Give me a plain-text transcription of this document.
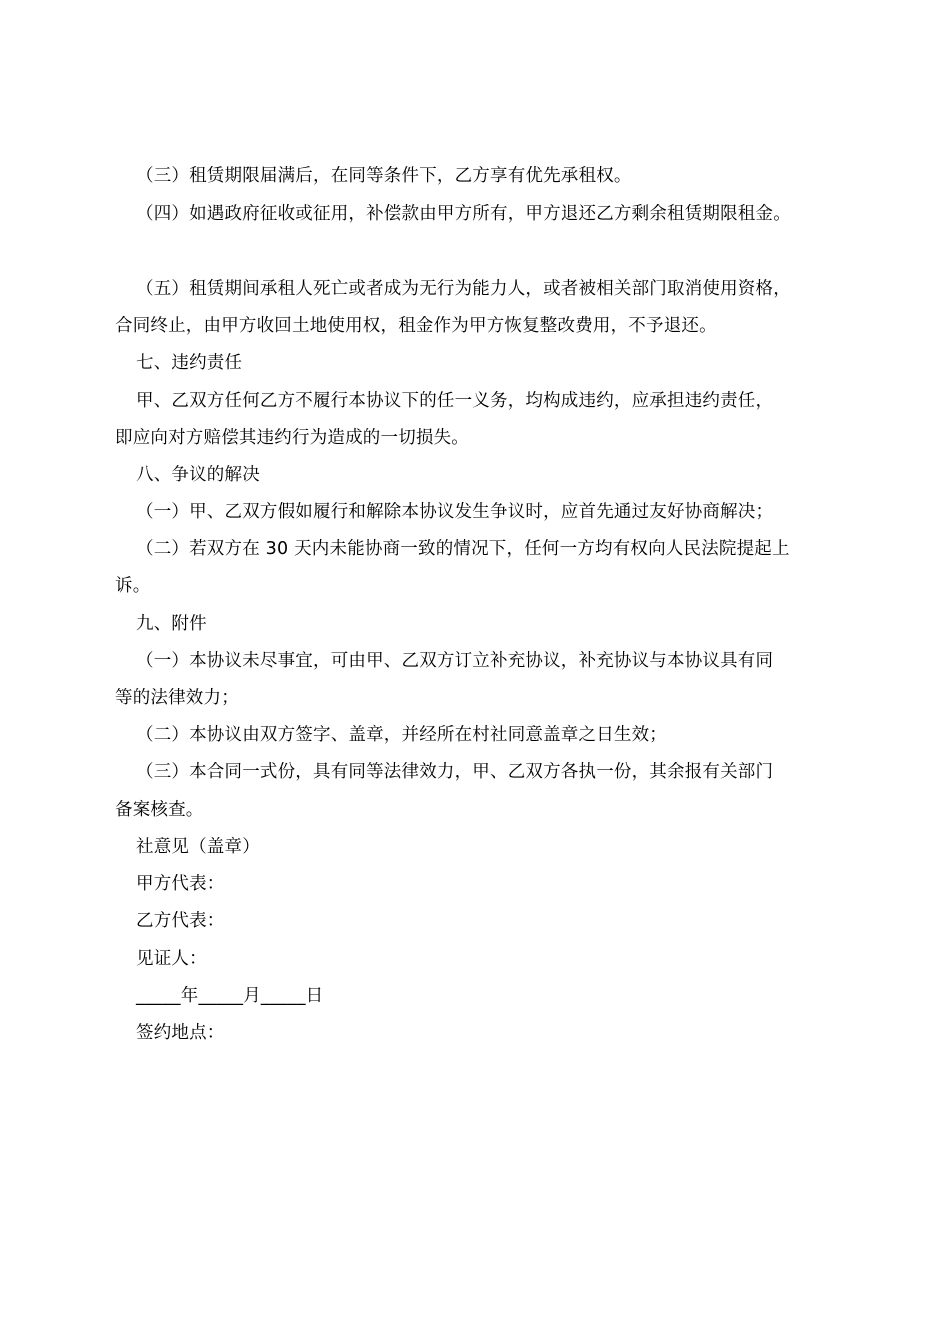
（三）租赁期限届满后，在同等条件下，乙方享有优先承租权。
（四）如遇政府征收或征用，补偿款由甲方所有，甲方退还乙方剩余租赁期限租金。
（五）租赁期间承租人死亡或者成为无行为能力人，或者被相关部门取消使用资格，
合同终止，由甲方收回土地使用权，租金作为甲方恢复整改费用，不予退还。
七、违约责任
甲、乙双方任何乙方不履行本协议下的任一义务，均构成违约，应承担违约责任，
即应向对方赔偿其违约行为造成的一切损失。
八、争议的解决
（一）甲、乙双方假如履行和解除本协议发生争议时，应首先通过友好协商解决；
（二）若双方在 30 天内未能协商一致的情况下，任何一方均有权向人民法院提起上
诉。
九、附件
（一）本协议未尽事宜，可由甲、乙双方订立补充协议，补充协议与本协议具有同
等的法律效力；
（二）本协议由双方签字、盖章，并经所在村社同意盖章之日生效；
（三）本合同一式份，具有同等法律效力，甲、乙双方各执一份，其余报有关部门
备案核查。
社意见（盖章）
甲方代表：
乙方代表：
见证人：
_____年_____月_____日
签约地点：
